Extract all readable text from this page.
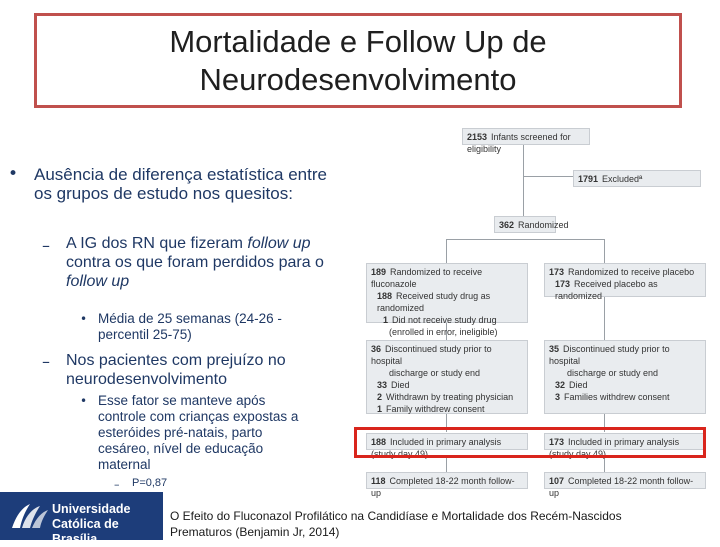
Mortalidade e Follow Up de
Neurodesenvolvimento
• Ausência de diferença estatística entre os grupos de estudo nos quesitos:
– A IG dos RN que fizeram follow up contra os que foram perdidos para o follow up
• Média de 25 semanas (24-26 - percentil 25-75)
– Nos pacientes com prejuízo no neurodesenvolvimento
• Esse fator se manteve após controle com crianças expostas a esteróides pré-natais, parto cesáreo, nível de educação maternal
– P=0,87
2153 Infants screened for eligibility
1791 Excludedª
362 Randomized
189 Randomized to receive fluconazole
188 Received study drug as randomized
1 Did not receive study drug
(enrolled in error, ineligible)
173 Randomized to receive placebo
173 Received placebo as randomized
36 Discontinued study prior to hospital
discharge or study end
33 Died
2 Withdrawn by treating physician
1 Family withdrew consent
35 Discontinued study prior to hospital
discharge or study end
32 Died
3 Families withdrew consent
188 Included in primary analysis (study day 49)
173 Included in primary analysis (study day 49)
118 Completed 18-22 month follow-up
107 Completed 18-22 month follow-up
Universidade
Católica de Brasília
O Efeito do Fluconazol Profilático na Candidíase e Mortalidade dos Recém-Nascidos
Prematuros (Benjamin Jr, 2014)
